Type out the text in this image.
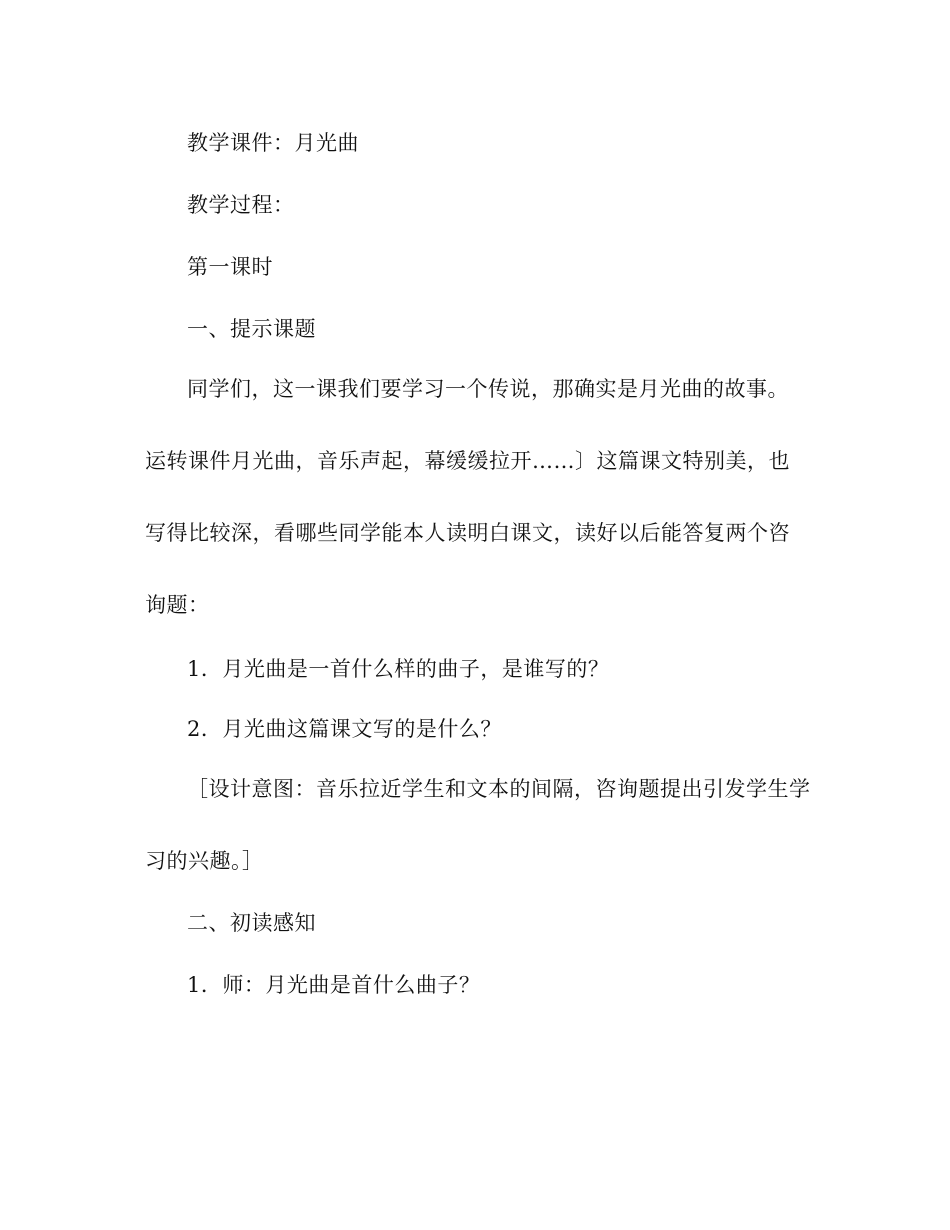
教学课件：月光曲
教学过程：
第一课时
一、提示课题
同学们，这一课我们要学习一个传说，那确实是月光曲的故事。
运转课件月光曲，音乐声起，幕缓缓拉开……〕这篇课文特别美，也
写得比较深，看哪些同学能本人读明白课文，读好以后能答复两个咨
询题：
1．月光曲是一首什么样的曲子，是谁写的？
2．月光曲这篇课文写的是什么？
［设计意图：音乐拉近学生和文本的间隔，咨询题提出引发学生学
习的兴趣。］
二、初读感知
1．师：月光曲是首什么曲子？
